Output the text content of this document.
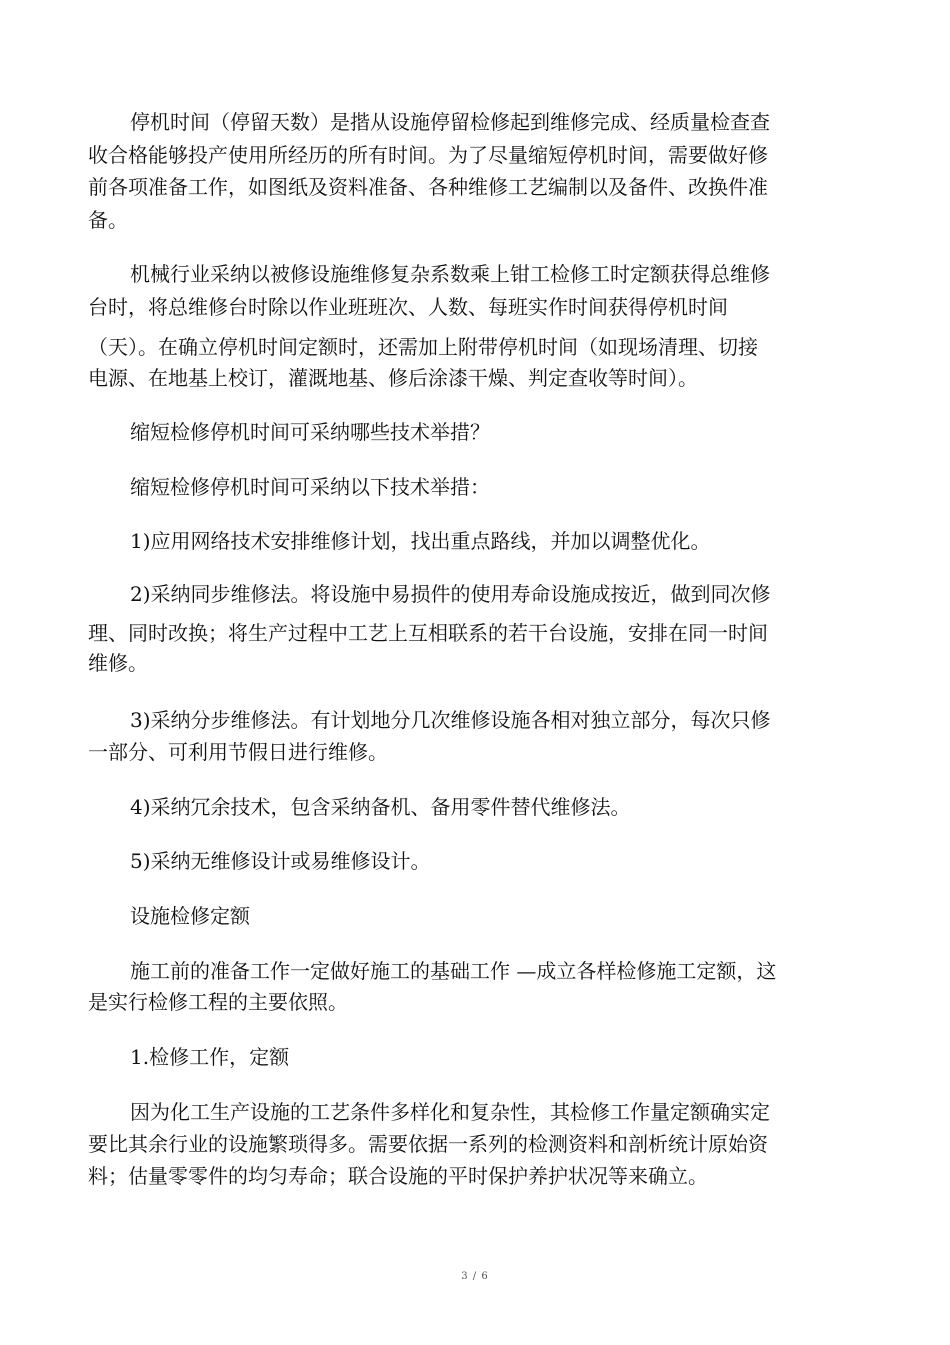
停机时间（停留天数）是揩从设施停留检修起到维修完成、经质量检查查
收合格能够投产使用所经历的所有时间。为了尽量缩短停机时间，需要做好修
前各项准备工作，如图纸及资料准备、各种维修工艺编制以及备件、改换件准
备。
机械行业采纳以被修设施维修复杂系数乘上钳工检修工时定额获得总维修
台时，将总维修台时除以作业班班次、人数、每班实作时间获得停机时间
（天）。在确立停机时间定额时，还需加上附带停机时间（如现场清理、切接
电源、在地基上校订，灌溉地基、修后涂漆干燥、判定查收等时间）。
缩短检修停机时间可采纳哪些技术举措？
缩短检修停机时间可采纳以下技术举措：
1)应用网络技术安排维修计划，找出重点路线，并加以调整优化。
2)采纳同步维修法。将设施中易损件的使用寿命设施成按近，做到同次修
理、同时改换；将生产过程中工艺上互相联系的若干台设施，安排在同一时间
维修。
3)采纳分步维修法。有计划地分几次维修设施各相对独立部分，每次只修
一部分、可利用节假日进行维修。
4)采纳冗余技术，包含采纳备机、备用零件替代维修法。
5)采纳无维修设计或易维修设计。
设施检修定额
施工前的准备工作一定做好施工的基础工作 —成立各样检修施工定额，这
是实行检修工程的主要依照。
1.检修工作，定额
因为化工生产设施的工艺条件多样化和复杂性，其检修工作量定额确实定
要比其余行业的设施繁琐得多。需要依据一系列的检测资料和剖析统计原始资
料；估量零零件的均匀寿命；联合设施的平时保护养护状况等来确立。
3 / 6
